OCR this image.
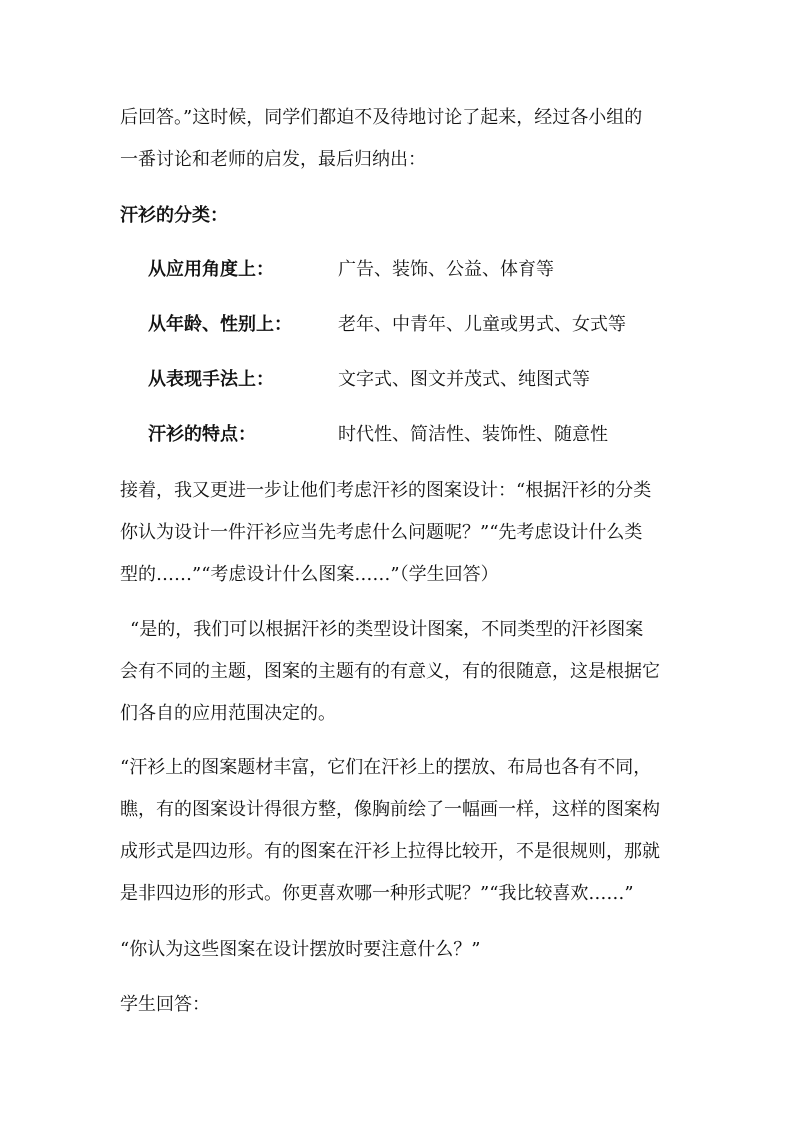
后回答。”这时候，同学们都迫不及待地讨论了起来，经过各小组的
一番讨论和老师的启发，最后归纳出：
汗衫的分类：
从应用角度上：	广告、装饰、公益、体育等
从年龄、性别上：	老年、中青年、儿童或男式、女式等
从表现手法上：	文字式、图文并茂式、纯图式等
汗衫的特点：	时代性、简洁性、装饰性、随意性
接着，我又更进一步让他们考虑汗衫的图案设计：“根据汗衫的分类
你认为设计一件汗衫应当先考虑什么问题呢？”“先考虑设计什么类
型的……”“考虑设计什么图案……”（学生回答）
“是的，我们可以根据汗衫的类型设计图案，不同类型的汗衫图案
会有不同的主题，图案的主题有的有意义，有的很随意，这是根据它
们各自的应用范围决定的。
“汗衫上的图案题材丰富，它们在汗衫上的摆放、布局也各有不同，
瞧，有的图案设计得很方整，像胸前绘了一幅画一样，这样的图案构
成形式是四边形。有的图案在汗衫上拉得比较开，不是很规则，那就
是非四边形的形式。你更喜欢哪一种形式呢？”“我比较喜欢……”
“你认为这些图案在设计摆放时要注意什么？”
学生回答：
